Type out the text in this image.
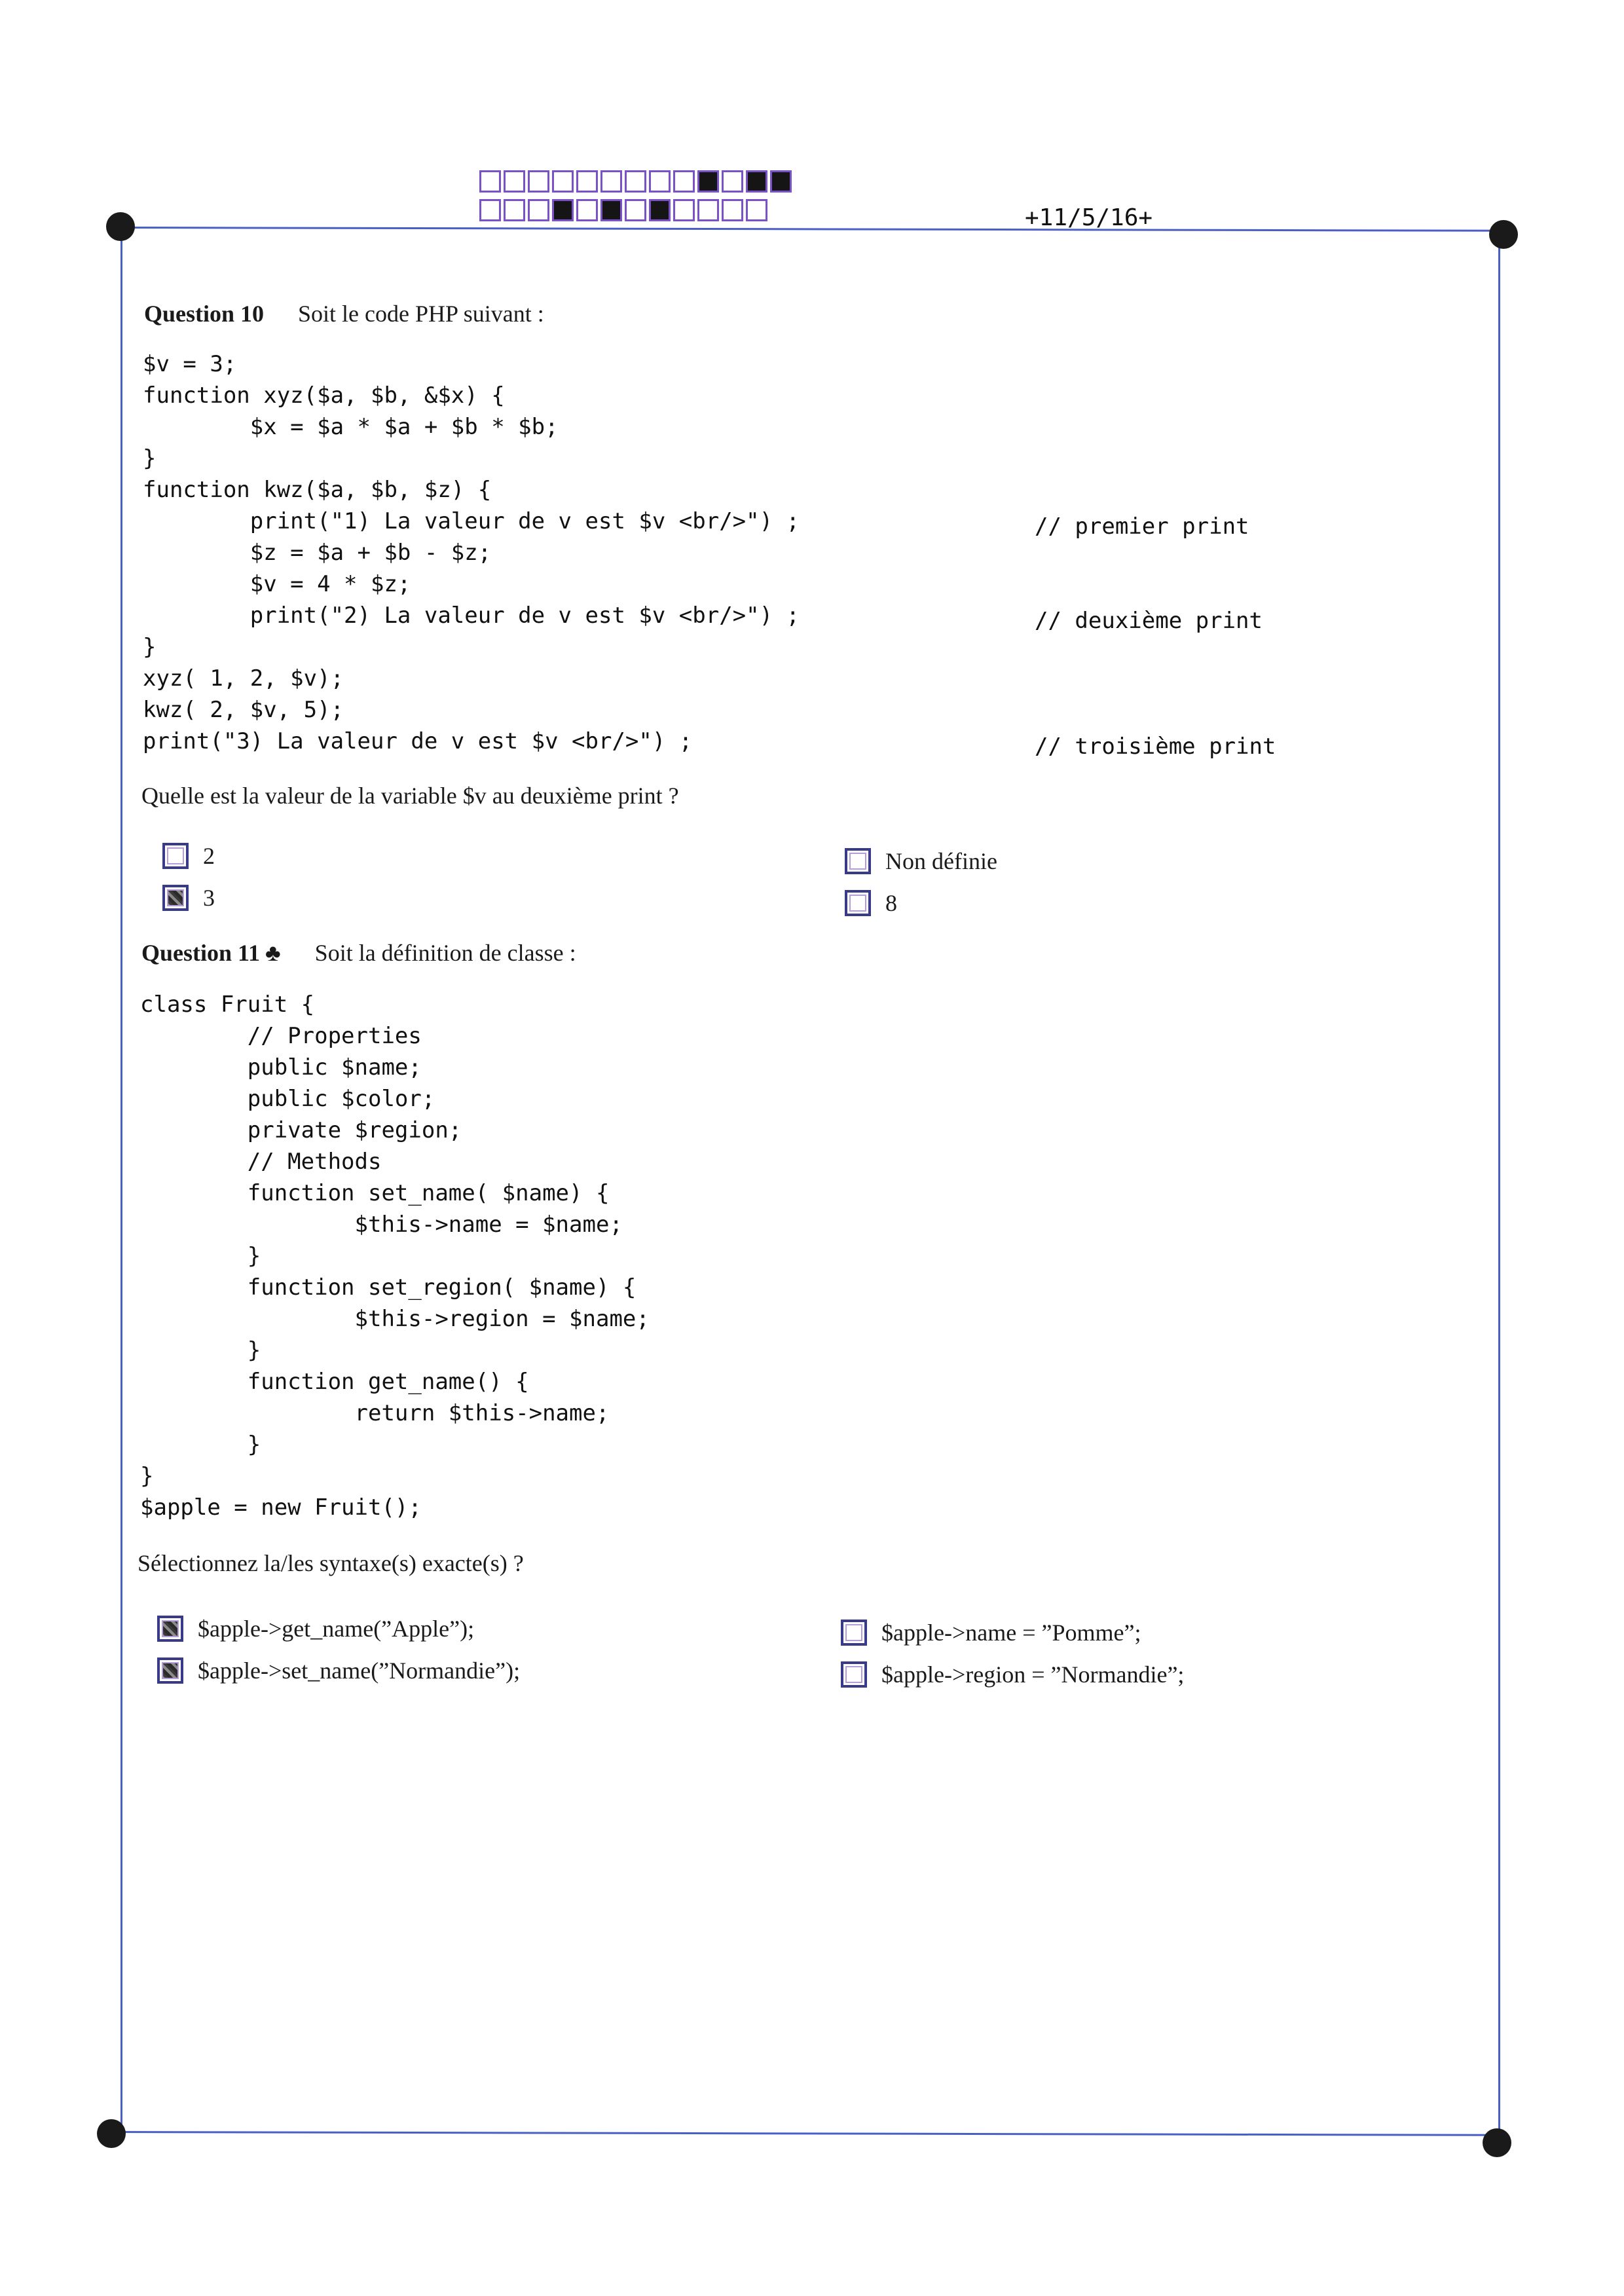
+11/5/16+
Question 10 Soit le code PHP suivant :
$v = 3;
function xyz($a, $b, &$x) {
$x = $a * $a + $b * $b;
}
function kwz($a, $b, $z) {
print("1) La valeur de v est $v <br/>") ;
$z = $a + $b - $z;
$v = 4 * $z;
print("2) La valeur de v est $v <br/>") ;
}
xyz( 1, 2, $v);
kwz( 2, $v, 5);
print("3) La valeur de v est $v <br/>") ;
// premier print
// deuxième print
// troisième print
Quelle est la valeur de la variable $v au deuxième print ?
2
3
Non définie
8
Question 11 ♣ Soit la définition de classe :
class Fruit {
// Properties
public $name;
public $color;
private $region;
// Methods
function set_name( $name) {
$this->name = $name;
}
function set_region( $name) {
$this->region = $name;
}
function get_name() {
return $this->name;
}
}
$apple = new Fruit();
Sélectionnez la/les syntaxe(s) exacte(s) ?
$apple->get_name(”Apple”);
$apple->set_name(”Normandie”);
$apple->name = ”Pomme”;
$apple->region = ”Normandie”;
